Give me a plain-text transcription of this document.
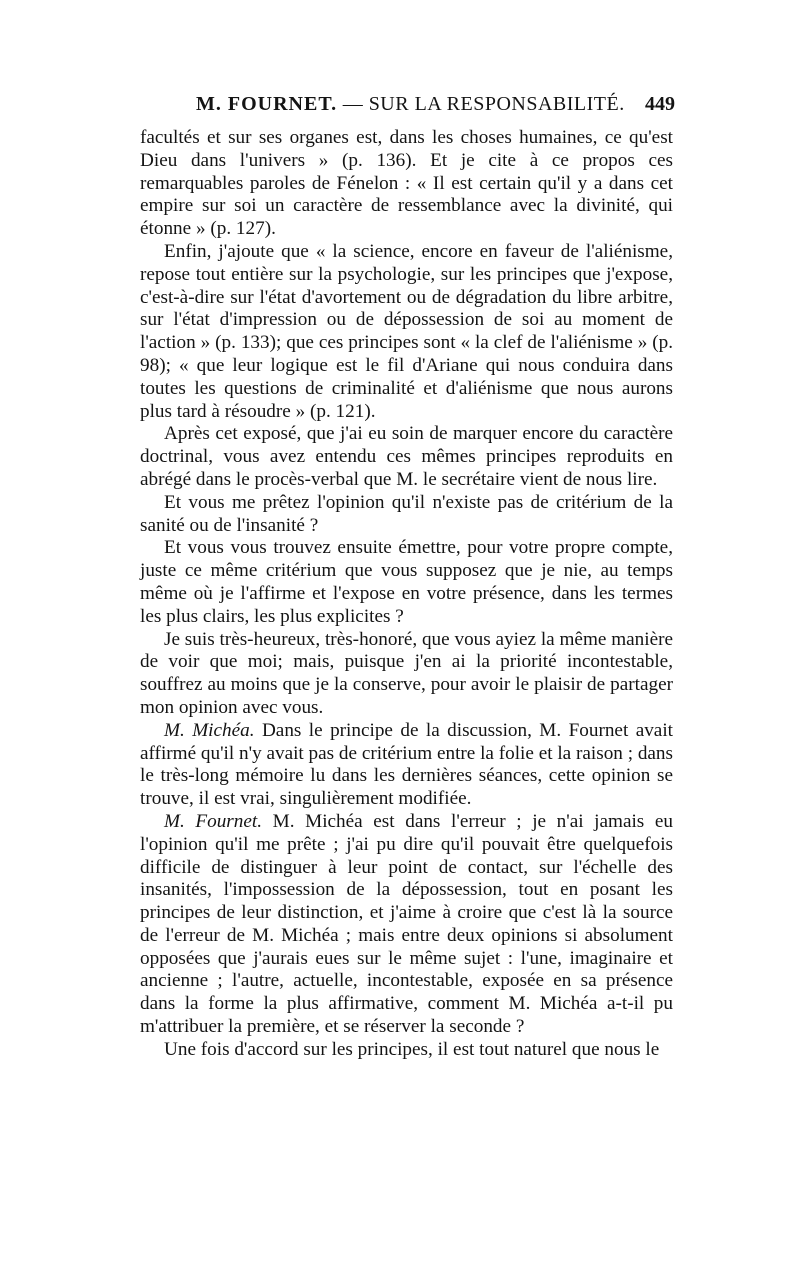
M. FOURNET. — SUR LA RESPONSABILITÉ. 449

facultés et sur ses organes est, dans les choses humaines, ce qu'est Dieu dans l'univers » (p. 136). Et je cite à ce propos ces remarquables paroles de Fénelon : « Il est certain qu'il y a dans cet empire sur soi un caractère de ressemblance avec la divinité, qui étonne » (p. 127).

Enfin, j'ajoute que « la science, encore en faveur de l'aliénisme, repose tout entière sur la psychologie, sur les principes que j'expose, c'est-à-dire sur l'état d'avortement ou de dégradation du libre arbitre, sur l'état d'impression ou de dépossession de soi au moment de l'action » (p. 133); que ces principes sont « la clef de l'aliénisme » (p. 98); « que leur logique est le fil d'Ariane qui nous conduira dans toutes les questions de criminalité et d'aliénisme que nous aurons plus tard à résoudre » (p. 121).

Après cet exposé, que j'ai eu soin de marquer encore du caractère doctrinal, vous avez entendu ces mêmes principes reproduits en abrégé dans le procès-verbal que M. le secrétaire vient de nous lire.

Et vous me prêtez l'opinion qu'il n'existe pas de critérium de la sanité ou de l'insanité ?

Et vous vous trouvez ensuite émettre, pour votre propre compte, juste ce même critérium que vous supposez que je nie, au temps même où je l'affirme et l'expose en votre présence, dans les termes les plus clairs, les plus explicites ?

Je suis très-heureux, très-honoré, que vous ayiez la même manière de voir que moi; mais, puisque j'en ai la priorité incontestable, souffrez au moins que je la conserve, pour avoir le plaisir de partager mon opinion avec vous.

M. Michéa. Dans le principe de la discussion, M. Fournet avait affirmé qu'il n'y avait pas de critérium entre la folie et la raison ; dans le très-long mémoire lu dans les dernières séances, cette opinion se trouve, il est vrai, singulièrement modifiée.

M. Fournet. M. Michéa est dans l'erreur ; je n'ai jamais eu l'opinion qu'il me prête ; j'ai pu dire qu'il pouvait être quelquefois difficile de distinguer à leur point de contact, sur l'échelle des insanités, l'impossession de la dépossession, tout en posant les principes de leur distinction, et j'aime à croire que c'est là la source de l'erreur de M. Michéa ; mais entre deux opinions si absolument opposées que j'aurais eues sur le même sujet : l'une, imaginaire et ancienne ; l'autre, actuelle, incontestable, exposée en sa présence dans la forme la plus affirmative, comment M. Michéa a-t-il pu m'attribuer la première, et se réserver la seconde ?

Une fois d'accord sur les principes, il est tout naturel que nous le
